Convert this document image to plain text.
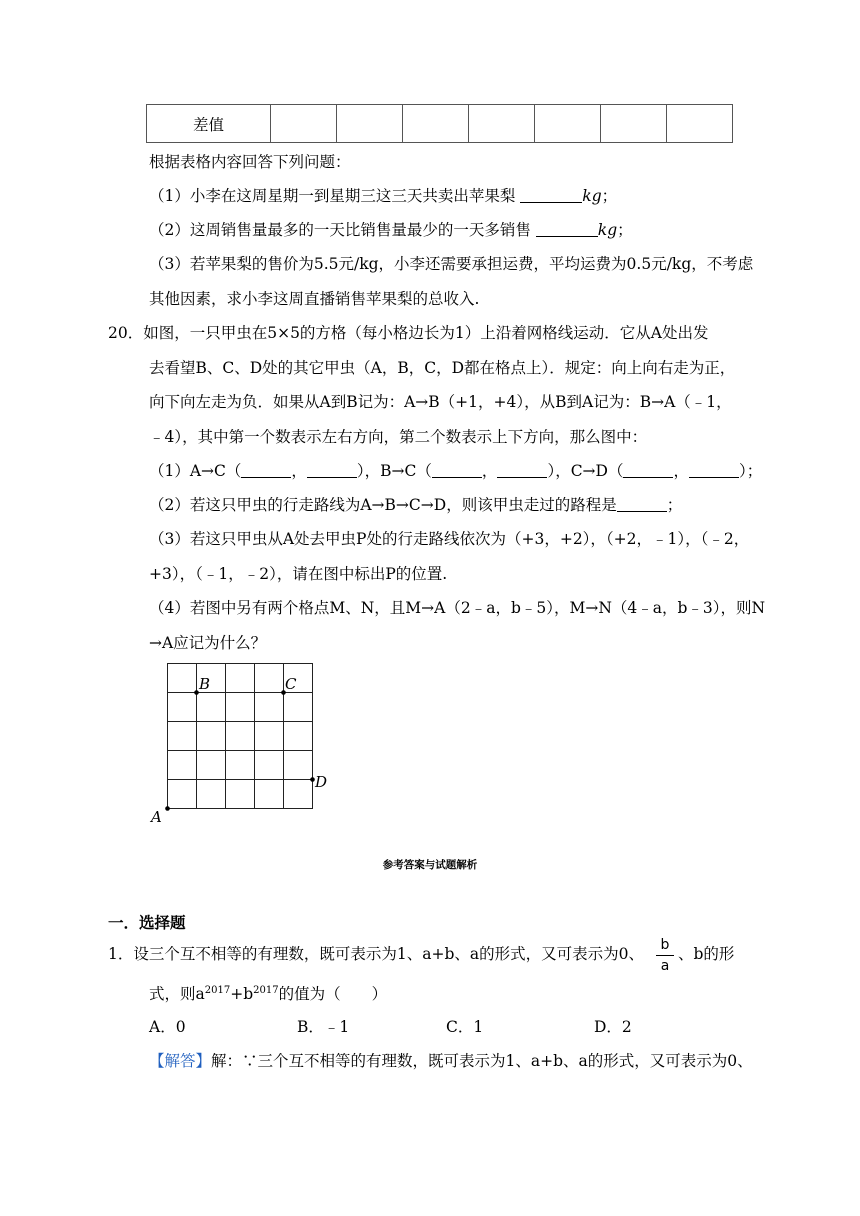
差值							
根据表格内容回答下列问题：
（1）小李在这周星期一到星期三这三天共卖出苹果梨	kg；
（2）这周销售量最多的一天比销售量最少的一天多销售	kg；
（3）若苹果梨的售价为5.5元/kg，小李还需要承担运费，平均运费为0.5元/kg，不考虑
其他因素，求小李这周直播销售苹果梨的总收入.
20．如图，一只甲虫在5×5的方格（每小格边长为1）上沿着网格线运动．它从A处出发
去看望B、C、D处的其它甲虫（A，B，C，D都在格点上）．规定：向上向右走为正，
向下向左走为负．如果从A到B记为：A→B（+1，+4），从B到A记为：B→A（﹣1，
﹣4），其中第一个数表示左右方向，第二个数表示上下方向，那么图中：
（1）A→C（	，	），B→C（	，	），C→D（	，	）；
（2）若这只甲虫的行走路线为A→B→C→D，则该甲虫走过的路程是	；
（3）若这只甲虫从A处去甲虫P处的行走路线依次为（+3，+2），（+2，﹣1），（﹣2，
+3），（﹣1，﹣2），请在图中标出P的位置.
（4）若图中另有两个格点M、N，且M→A（2﹣a，b﹣5），M→N（4﹣a，b﹣3），则N
→A应记为什么？
A
B	C
D
参考答案与试题解析
一．选择题
1．设三个互不相等的有理数，既可表示为1、a+b、a的形式，又可表示为0、	b
a
、b的形
式，则$a^{2017}+b^{2017}$的值为（　　）
A．0	B．﹣1	C．1	D．2
【解答】解：∵三个互不相等的有理数，既可表示为1、a+b、a的形式，又可表示为0、
